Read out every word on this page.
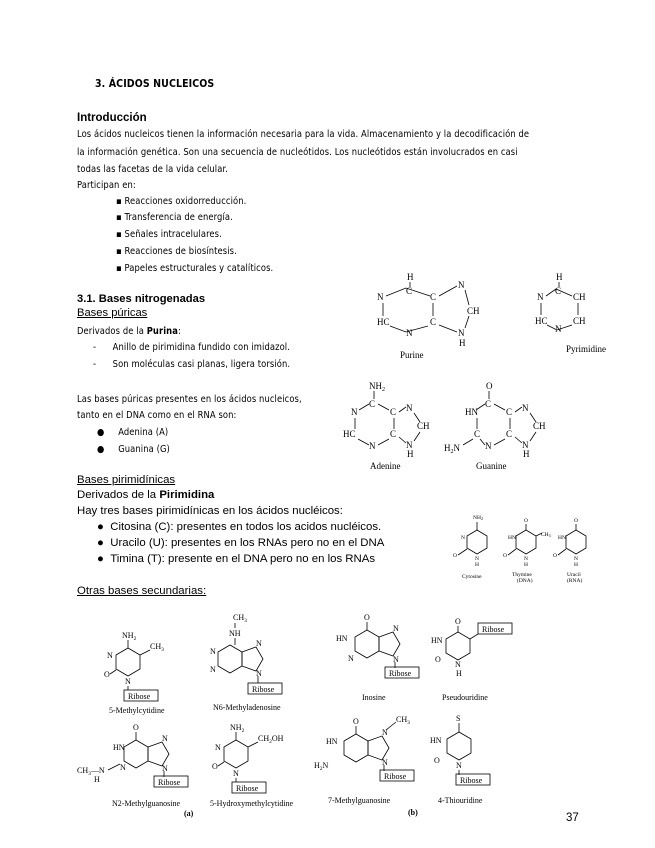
3. ÁCIDOS NUCLEICOS
Introducción
Los ácidos nucleicos tienen la información necesaria para la vida. Almacenamiento y la decodificación de
la información genética. Son una secuencia de nucleótidos. Los nucleótidos están involucrados en casi
todas las facetas de la vida celular.
Participan en:
▪ Reacciones oxidorreducción.
▪ Transferencia de energía.
▪ Señales intracelulares.
▪ Reacciones de biosíntesis.
▪ Papeles estructurales y catalíticos.
3.1. Bases nitrogenadas
Bases púricas
Derivados de la Purina:
-      Anillo de pirimidina fundido con imidazol.
-      Son moléculas casi planas, ligera torsión.
Las bases púricas presentes en los ácidos nucleicos,
tanto en el DNA como en el RNA son:
●     Adenina (A)
●     Guanina (G)
Bases pirimidínicas
Derivados de la Pirimidina
Hay tres bases pirimidínicas en los ácidos nucléicos:
●  Citosina (C): presentes en todos los acidos nucléicos.
●  Uracilo (U): presentes en los RNAs pero no en el DNA
●  Timina (T): presente en el DNA pero no en los RNAs
Otras bases secundarias:
H
N
C
C
HC
N
C
N
CH
N
H
Purine
H
N
C
CH
HC
N
CH
Pyrimidine
$NH_2$
N
C
C
HC
N
C
N
CH
N
H
Adenine
O
HN
C
C
C
N
C
$H_2N$
N
CH
N
H
Guanine
NH2
N
O	N
H
O
HN	CH3
O	N
H
O
HN
O	N
H
Cytosine	Thymine
(DNA)
Uracil
(RNA)
$NH_2$
N
O
N
$CH_3$
Ribose
$CH_3$
NH
N
N
N
N
Ribose
O
HN
N
N
N
Ribose
$CH_3—N$
H
$NH_2$
N
O
N
$CH_2OH$
Ribose
5-Methylcytidine	N6-Methyladenosine
N2-Methylguanosine	5-Hydroxymethylcytidine
(a)
O
HN
N
N
N
Ribose
O
HN
O
N
H
Ribose
O
HN
$H_2N$
N
N
$CH_3$
Ribose
S
HN
O
N
Ribose
Inosine	Pseudouridine
7-Methylguanosine	4-Thiouridine
(b)	37
